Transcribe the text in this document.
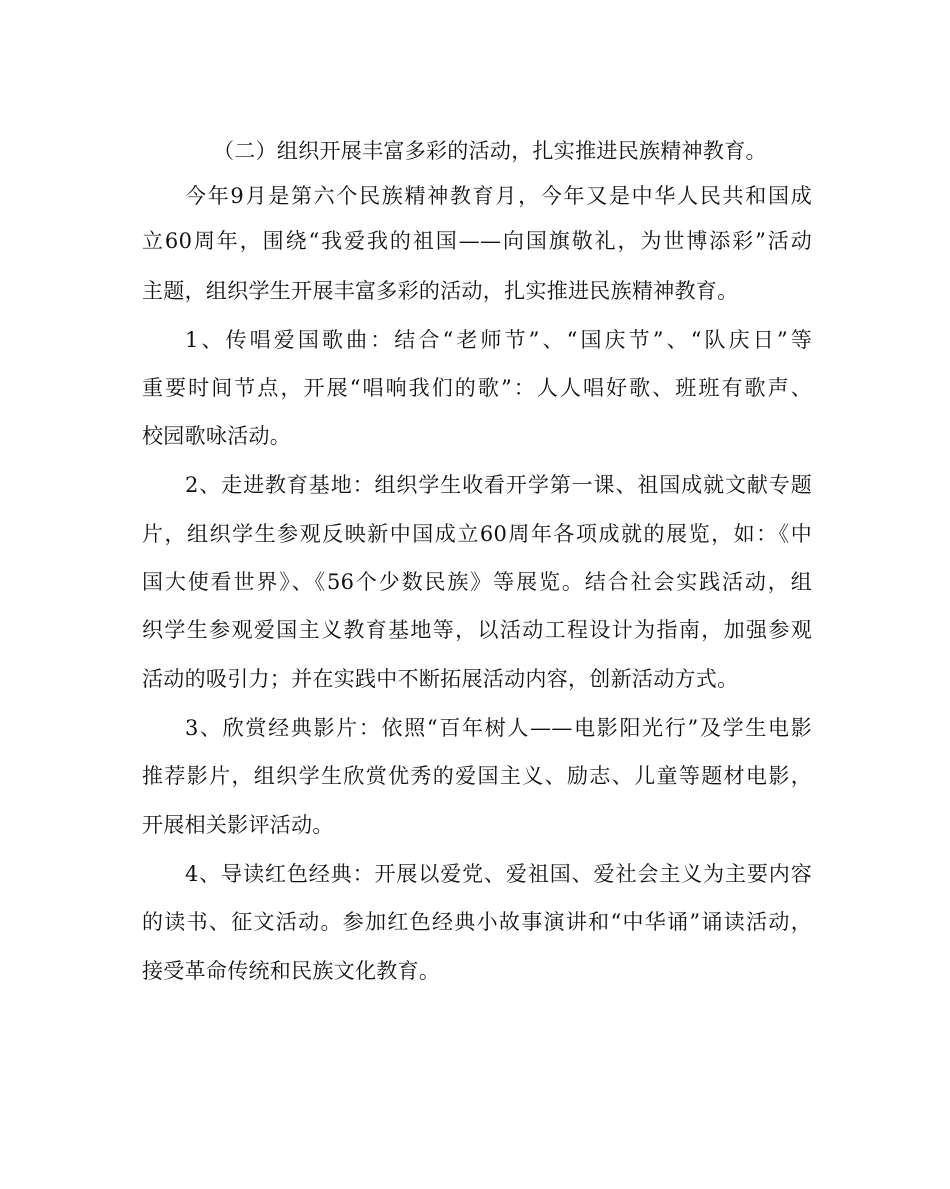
（二）组织开展丰富多彩的活动，扎实推进民族精神教育。
今年9月是第六个民族精神教育月，今年又是中华人民共和国成
立60周年，围绕“我爱我的祖国——向国旗敬礼，为世博添彩”活动
主题，组织学生开展丰富多彩的活动，扎实推进民族精神教育。
1、传唱爱国歌曲：结合“老师节”、“国庆节”、“队庆日”等
重要时间节点，开展“唱响我们的歌”：人人唱好歌、班班有歌声、
校园歌咏活动。
2、走进教育基地：组织学生收看开学第一课、祖国成就文献专题
片，组织学生参观反映新中国成立60周年各项成就的展览，如：《中
国大使看世界》、《56个少数民族》等展览。结合社会实践活动，组
织学生参观爱国主义教育基地等，以活动工程设计为指南，加强参观
活动的吸引力；并在实践中不断拓展活动内容，创新活动方式。
3、欣赏经典影片：依照“百年树人——电影阳光行”及学生电影
推荐影片，组织学生欣赏优秀的爱国主义、励志、儿童等题材电影，
开展相关影评活动。
4、导读红色经典：开展以爱党、爱祖国、爱社会主义为主要内容
的读书、征文活动。参加红色经典小故事演讲和“中华诵”诵读活动，
接受革命传统和民族文化教育。
